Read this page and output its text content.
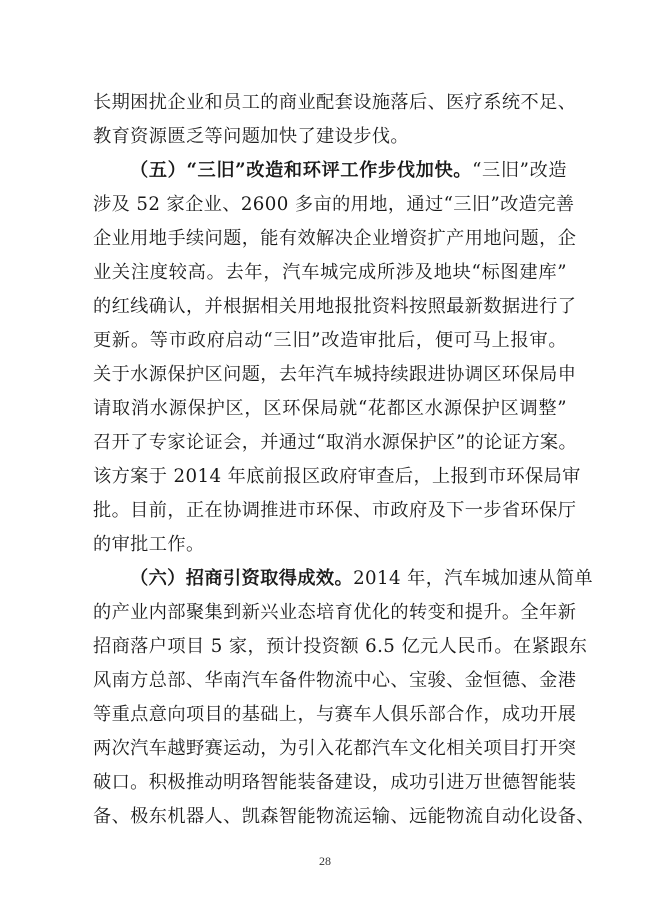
长期困扰企业和员工的商业配套设施落后、医疗系统不足、
教育资源匮乏等问题加快了建设步伐。
（五）“三旧”改造和环评工作步伐加快。“三旧”改造
涉及 52 家企业、2600 多亩的用地，通过“三旧”改造完善
企业用地手续问题，能有效解决企业增资扩产用地问题，企
业关注度较高。去年，汽车城完成所涉及地块“标图建库”
的红线确认，并根据相关用地报批资料按照最新数据进行了
更新。等市政府启动“三旧”改造审批后，便可马上报审。
关于水源保护区问题，去年汽车城持续跟进协调区环保局申
请取消水源保护区，区环保局就“花都区水源保护区调整”
召开了专家论证会，并通过“取消水源保护区”的论证方案。
该方案于 2014 年底前报区政府审查后，上报到市环保局审
批。目前，正在协调推进市环保、市政府及下一步省环保厅
的审批工作。
（六）招商引资取得成效。2014 年，汽车城加速从简单
的产业内部聚集到新兴业态培育优化的转变和提升。全年新
招商落户项目 5 家，预计投资额 6.5 亿元人民币。在紧跟东
风南方总部、华南汽车备件物流中心、宝骏、金恒德、金港
等重点意向项目的基础上，与赛车人俱乐部合作，成功开展
两次汽车越野赛运动，为引入花都汽车文化相关项目打开突
破口。积极推动明珞智能装备建设，成功引进万世德智能装
备、极东机器人、凯森智能物流运输、远能物流自动化设备、
28
